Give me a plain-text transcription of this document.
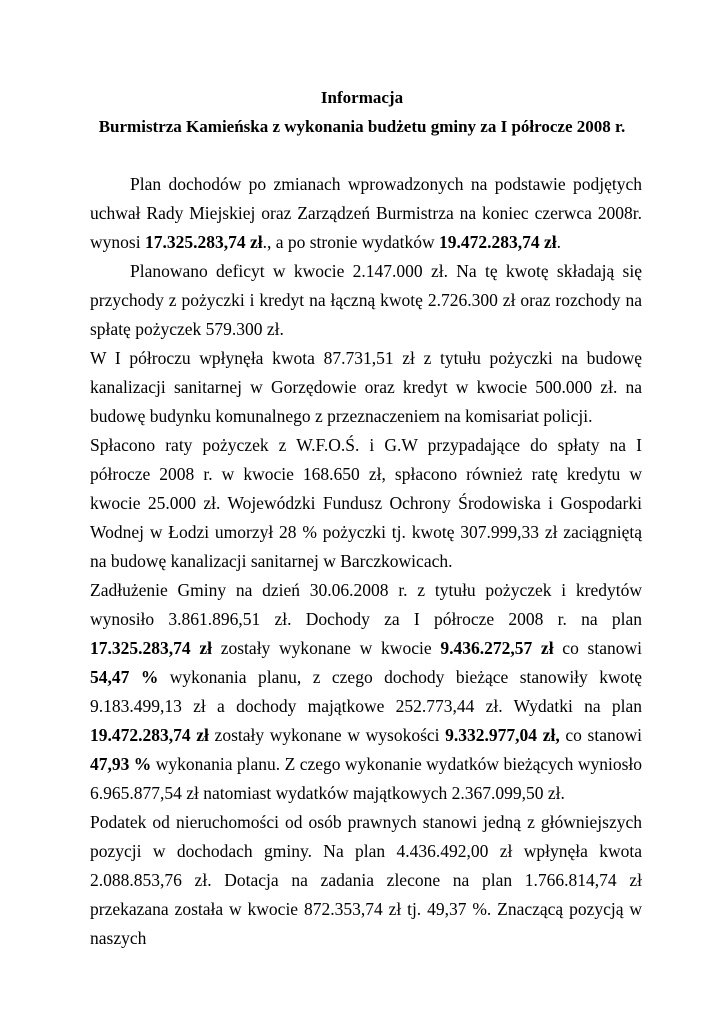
Informacja
Burmistrza Kamieńska z wykonania budżetu gminy za I półrocze 2008 r.

Plan dochodów po zmianach wprowadzonych na podstawie podjętych uchwał Rady Miejskiej oraz Zarządzeń Burmistrza na koniec czerwca 2008r. wynosi 17.325.283,74 zł., a po stronie wydatków 19.472.283,74 zł.

Planowano deficyt w kwocie 2.147.000 zł. Na tę kwotę składają się przychody z pożyczki i kredyt na łączną kwotę 2.726.300 zł oraz rozchody na spłatę pożyczek 579.300 zł.

W I półroczu wpłynęła kwota 87.731,51 zł z tytułu pożyczki na budowę kanalizacji sanitarnej w Gorzędowie oraz kredyt w kwocie 500.000 zł. na budowę budynku komunalnego z przeznaczeniem na komisariat policji.

Spłacono raty pożyczek z W.F.O.Ś. i G.W przypadające do spłaty na I półrocze 2008 r. w kwocie 168.650 zł, spłacono również ratę kredytu w kwocie 25.000 zł. Wojewódzki Fundusz Ochrony Środowiska i Gospodarki Wodnej w Łodzi umorzył 28 % pożyczki tj. kwotę 307.999,33 zł zaciągniętą na budowę kanalizacji sanitarnej w Barczkowicach.

Zadłużenie Gminy na dzień 30.06.2008 r. z tytułu pożyczek i kredytów wynosiło 3.861.896,51 zł. Dochody za I półrocze 2008 r. na plan 17.325.283,74 zł zostały wykonane w kwocie 9.436.272,57 zł co stanowi 54,47 % wykonania planu, z czego dochody bieżące stanowiły kwotę 9.183.499,13 zł a dochody majątkowe 252.773,44 zł. Wydatki na plan 19.472.283,74 zł zostały wykonane w wysokości 9.332.977,04 zł, co stanowi 47,93 % wykonania planu. Z czego wykonanie wydatków bieżących wyniosło 6.965.877,54 zł natomiast wydatków majątkowych 2.367.099,50 zł.

Podatek od nieruchomości od osób prawnych stanowi jedną z główniejszych pozycji w dochodach gminy. Na plan 4.436.492,00 zł wpłynęła kwota 2.088.853,76 zł. Dotacja na zadania zlecone na plan 1.766.814,74 zł przekazana została w kwocie 872.353,74 zł tj. 49,37 %. Znaczącą pozycją w naszych
